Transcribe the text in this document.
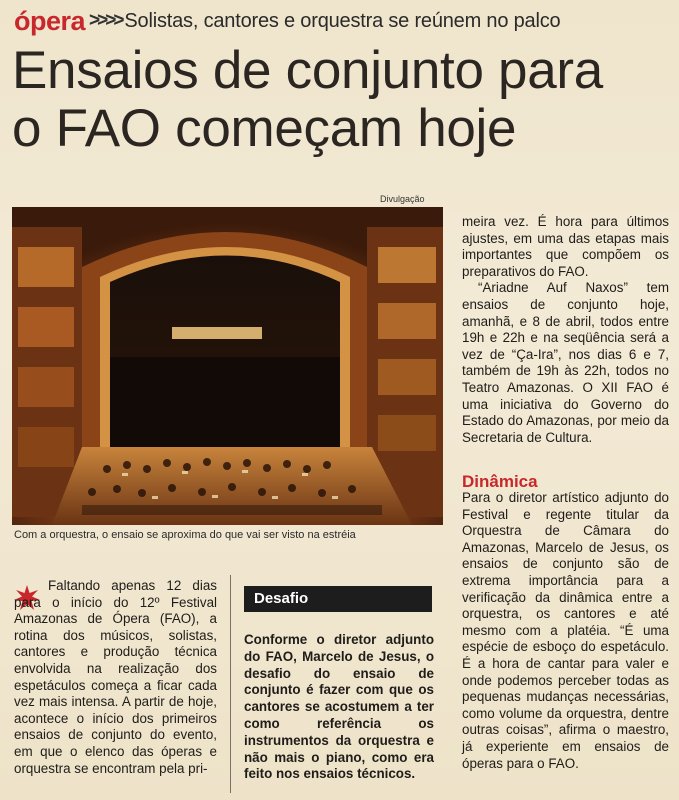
ópera >>>> Solistas, cantores e orquestra se reúnem no palco
Ensaios de conjunto para
o FAO começam hoje
Divulgação
Com a orquestra, o ensaio se aproxima do que vai ser visto na estréia

Faltando apenas 12 dias para o início do 12º Festival Amazonas de Ópera (FAO), a rotina dos músicos, solistas, cantores e produção técnica envolvida na realização dos espetáculos começa a ficar cada vez mais intensa. A partir de hoje, acontece o início dos primeiros ensaios de conjunto do evento, em que o elenco das óperas e orquestra se encontram pela pri-

Desafio
Conforme o diretor adjunto do FAO, Marcelo de Jesus, o desafio do ensaio de conjunto é fazer com que os cantores se acostumem a ter como referência os instrumentos da orquestra e não mais o piano, como era feito nos ensaios técnicos.

meira vez. É hora para últimos ajustes, em uma das etapas mais importantes que compõem os preparativos do FAO.

“Ariadne Auf Naxos” tem ensaios de conjunto hoje, amanhã, e 8 de abril, todos entre 19h e 22h e na seqüência será a vez de “Ça-Ira”, nos dias 6 e 7, também de 19h às 22h, todos no Teatro Amazonas. O XII FAO é uma iniciativa do Governo do Estado do Amazonas, por meio da Secretaria de Cultura.

Dinâmica

Para o diretor artístico adjunto do Festival e regente titular da Orquestra de Câmara do Amazonas, Marcelo de Jesus, os ensaios de conjunto são de extrema importância para a verificação da dinâmica entre a orquestra, os cantores e até mesmo com a platéia. “É uma espécie de esboço do espetáculo. É a hora de cantar para valer e onde podemos perceber todas as pequenas mudanças necessárias, como volume da orquestra, dentre outras coisas”, afirma o maestro, já experiente em ensaios de óperas para o FAO.
